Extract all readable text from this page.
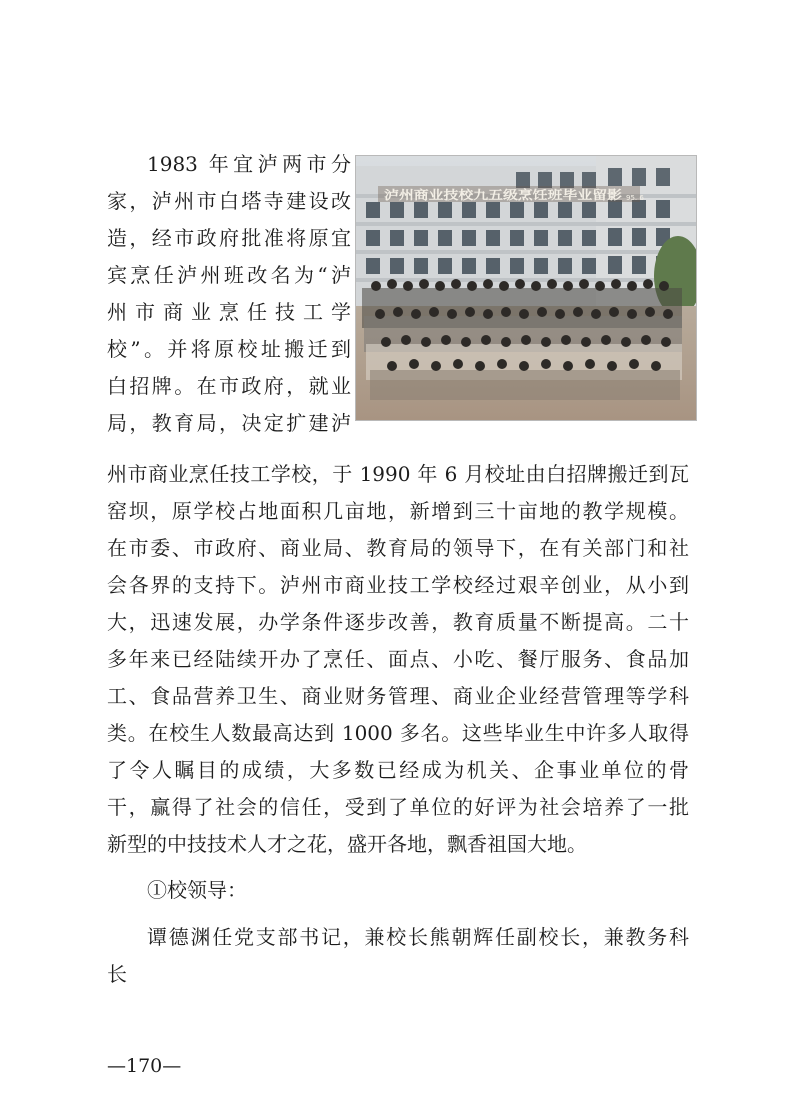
泸州商业技校九五级烹饪班毕业留影	95. 6
1983 年宜泸两市分
家，泸州市白塔寺建设改
造，经市政府批准将原宜
宾烹任泸州班改名为“泸
州市商业烹任技工学
校”。并将原校址搬迁到
白招牌。在市政府，就业
局，教育局，决定扩建泸
州市商业烹任技工学校，于 1990 年 6 月校址由白招牌搬迁到瓦
窑坝，原学校占地面积几亩地，新增到三十亩地的教学规模。
在市委、市政府、商业局、教育局的领导下，在有关部门和社
会各界的支持下。泸州市商业技工学校经过艰辛创业，从小到
大，迅速发展，办学条件逐步改善，教育质量不断提高。二十
多年来已经陆续开办了烹任、面点、小吃、餐厅服务、食品加
工、食品营养卫生、商业财务管理、商业企业经营管理等学科
类。在校生人数最高达到 1000 多名。这些毕业生中许多人取得
了令人瞩目的成绩，大多数已经成为机关、企事业单位的骨
干，赢得了社会的信任，受到了单位的好评为社会培养了一批
新型的中技技术人才之花，盛开各地，飘香祖国大地。
①校领导：
谭德渊任党支部书记，兼校长熊朝辉任副校长，兼教务科
长
—170—
